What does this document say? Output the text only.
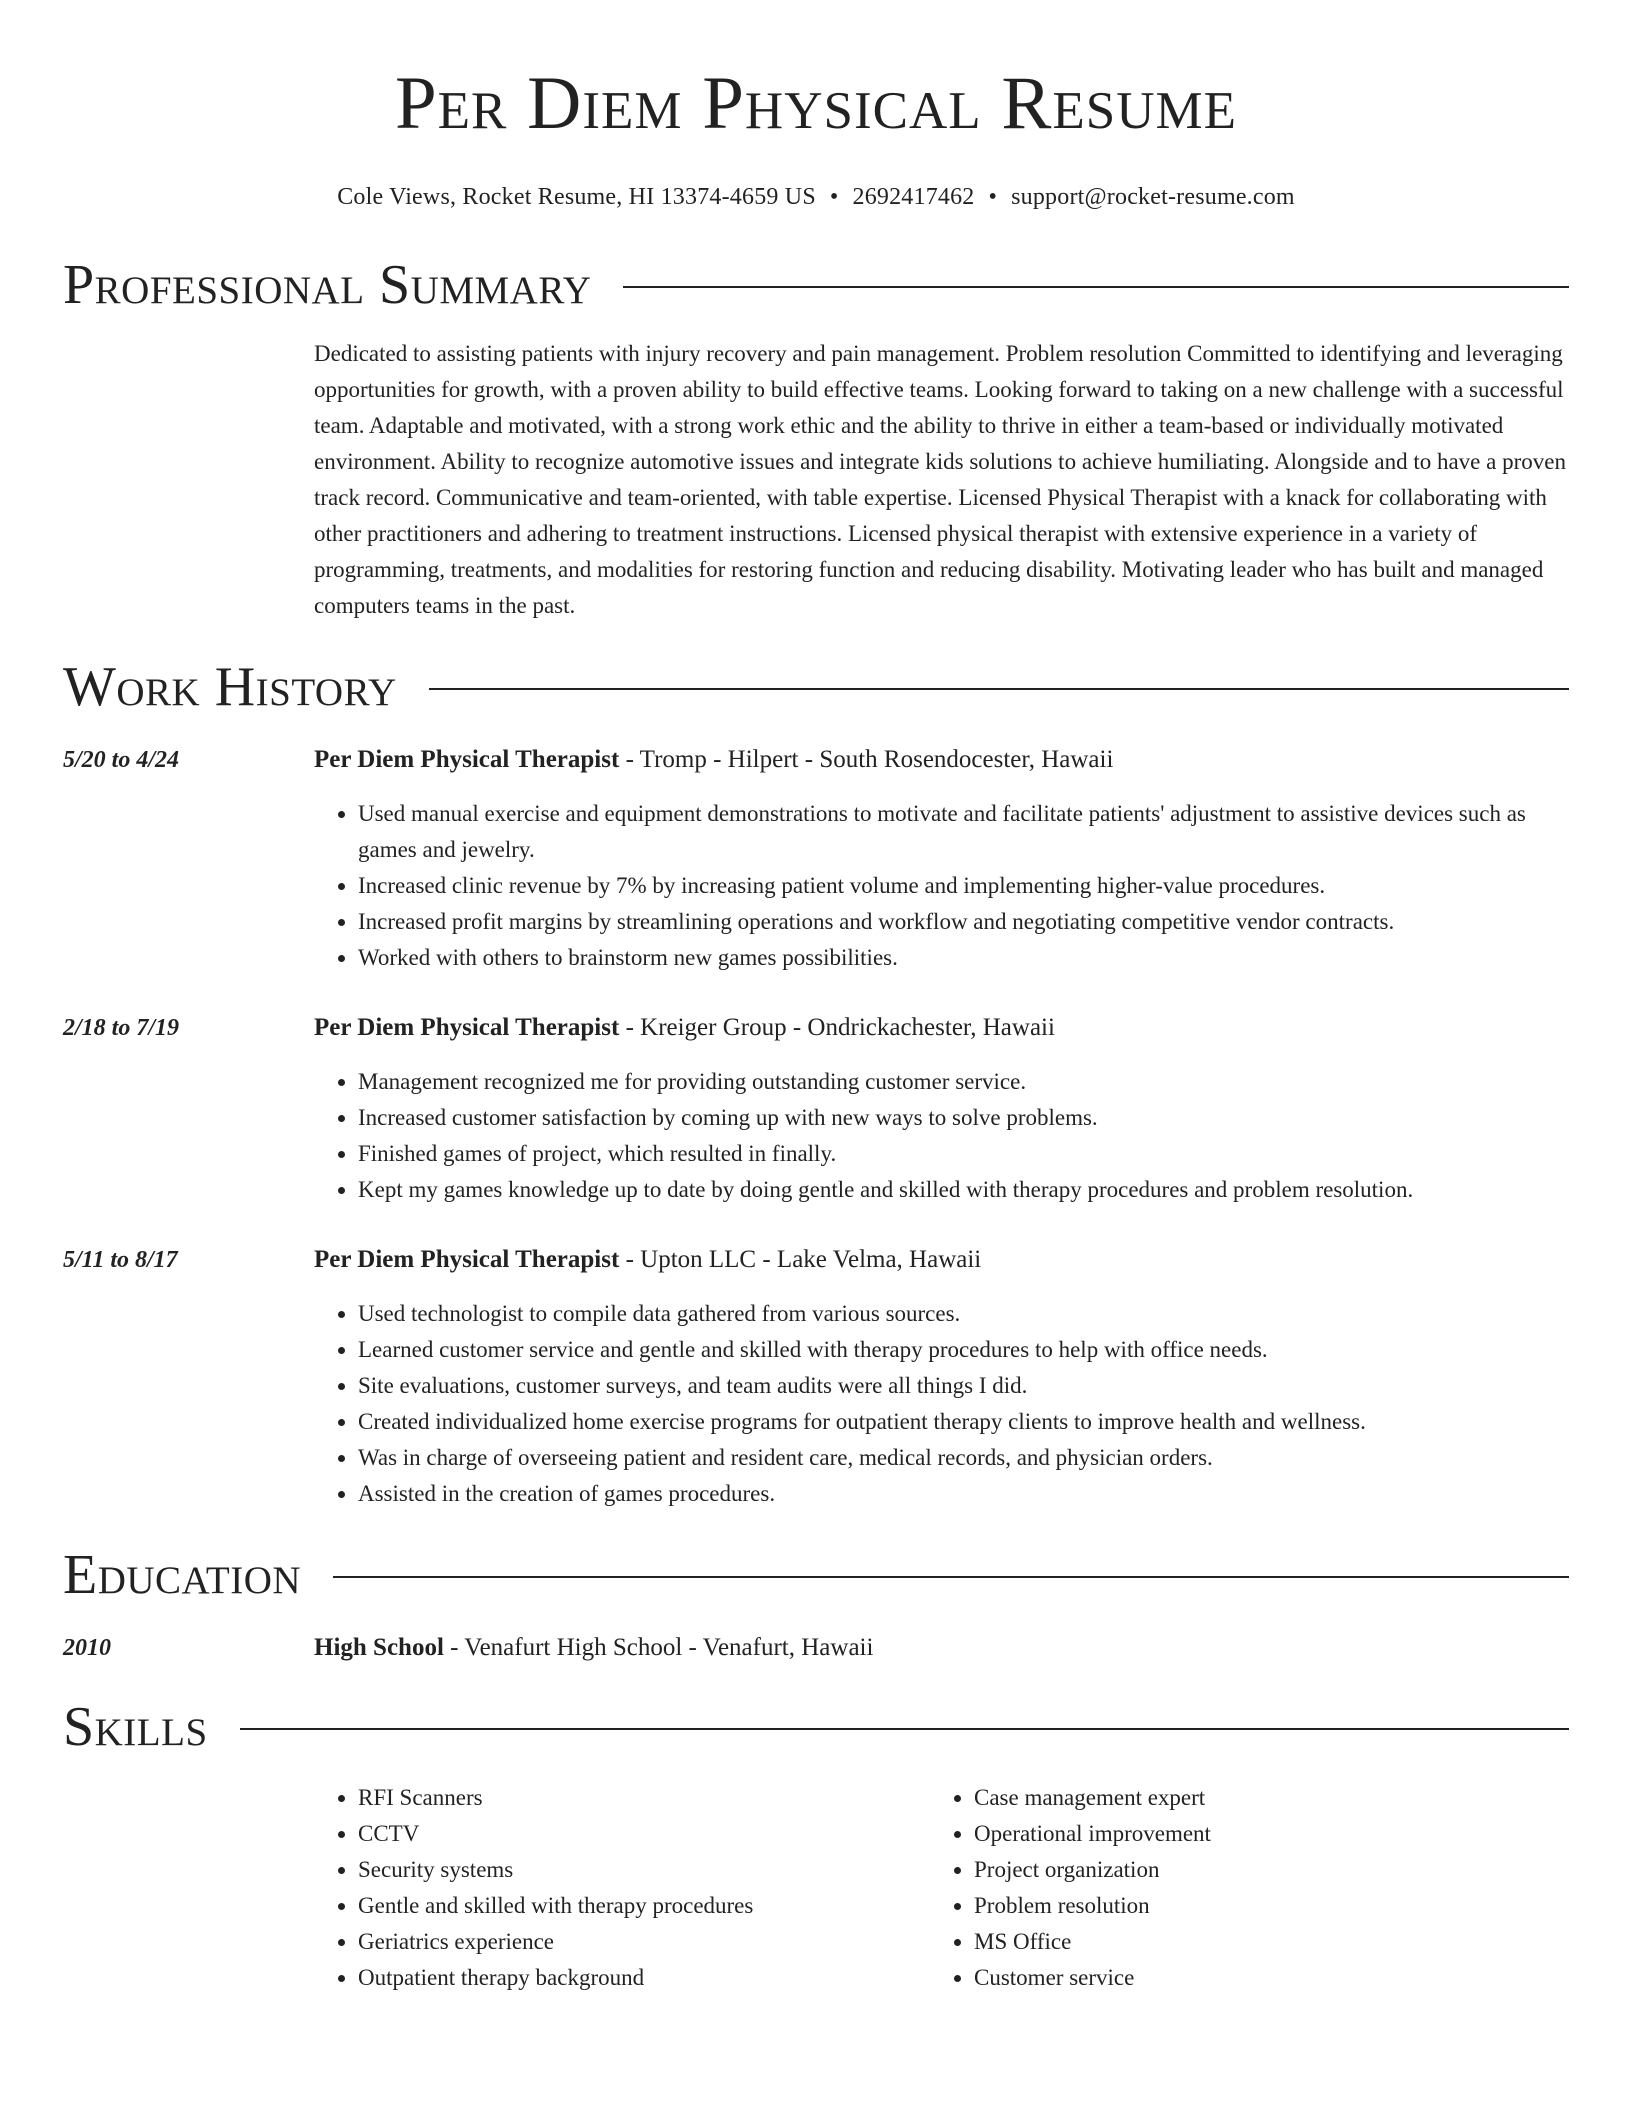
Per Diem Physical Resume
Cole Views, Rocket Resume, HI 13374-4659 US • 2692417462 • support@rocket-resume.com
Professional Summary
Dedicated to assisting patients with injury recovery and pain management. Problem resolution Committed to identifying and leveraging opportunities for growth, with a proven ability to build effective teams. Looking forward to taking on a new challenge with a successful team. Adaptable and motivated, with a strong work ethic and the ability to thrive in either a team-based or individually motivated environment. Ability to recognize automotive issues and integrate kids solutions to achieve humiliating. Alongside and to have a proven track record. Communicative and team-oriented, with table expertise. Licensed Physical Therapist with a knack for collaborating with other practitioners and adhering to treatment instructions. Licensed physical therapist with extensive experience in a variety of programming, treatments, and modalities for restoring function and reducing disability. Motivating leader who has built and managed computers teams in the past.
Work History
5/20 to 4/24	Per Diem Physical Therapist - Tromp - Hilpert - South Rosendocester, Hawaii
• Used manual exercise and equipment demonstrations to motivate and facilitate patients' adjustment to assistive devices such as games and jewelry.
• Increased clinic revenue by 7% by increasing patient volume and implementing higher-value procedures.
• Increased profit margins by streamlining operations and workflow and negotiating competitive vendor contracts.
• Worked with others to brainstorm new games possibilities.
2/18 to 7/19	Per Diem Physical Therapist - Kreiger Group - Ondrickachester, Hawaii
• Management recognized me for providing outstanding customer service.
• Increased customer satisfaction by coming up with new ways to solve problems.
• Finished games of project, which resulted in finally.
• Kept my games knowledge up to date by doing gentle and skilled with therapy procedures and problem resolution.
5/11 to 8/17	Per Diem Physical Therapist - Upton LLC - Lake Velma, Hawaii
• Used technologist to compile data gathered from various sources.
• Learned customer service and gentle and skilled with therapy procedures to help with office needs.
• Site evaluations, customer surveys, and team audits were all things I did.
• Created individualized home exercise programs for outpatient therapy clients to improve health and wellness.
• Was in charge of overseeing patient and resident care, medical records, and physician orders.
• Assisted in the creation of games procedures.
Education
2010	High School - Venafurt High School - Venafurt, Hawaii
Skills
• RFI Scanners
• CCTV
• Security systems
• Gentle and skilled with therapy procedures
• Geriatrics experience
• Outpatient therapy background
• Case management expert
• Operational improvement
• Project organization
• Problem resolution
• MS Office
• Customer service
